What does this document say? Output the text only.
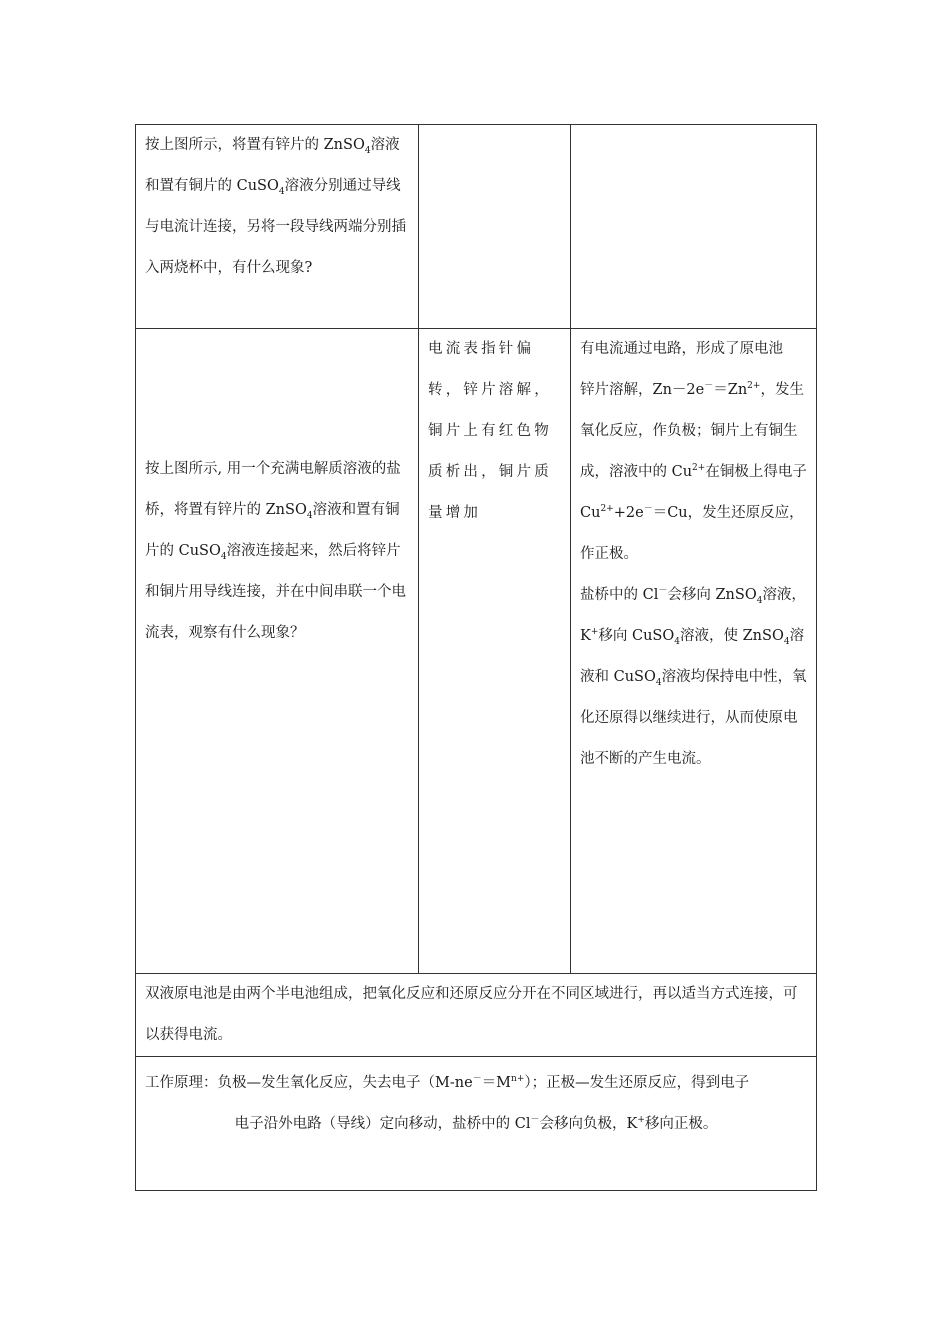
按上图所示，将置有锌片的 ZnSO$_4$溶液和置有铜片的 CuSO$_4$溶液分别通过导线与电流计连接，另将一段导线两端分别插入两烧杯中，有什么现象?		
按上图所示, 用一个充满电解质溶液的盐桥，将置有锌片的 ZnSO$_4$溶液和置有铜片的 CuSO$_4$溶液连接起来，然后将锌片和铜片用导线连接，并在中间串联一个电流表，观察有什么现象？	电流表指针偏转，锌片溶解，铜片上有红色物质析出，铜片质量增加	有电流通过电路，形成了原电池
锌片溶解，$Zn-2e^-=Zn^{2+}$，发生氧化反应，作负极；铜片上有铜生成，溶液中的 $Cu^{2+}$在铜极上得电子 $Cu^{2+}+2e^-=Cu$，发生还原反应，作正极。
盐桥中的 Cl－会移向 ZnSO$_4$溶液，K+移向 CuSO$_4$溶液，使 ZnSO$_4$溶液和 CuSO$_4$溶液均保持电中性，氧化还原得以继续进行，从而使原电池不断的产生电流。

双液原电池是由两个半电池组成，把氧化反应和还原反应分开在不同区域进行，再以适当方式连接，可以获得电流。		

工作原理：负极—发生氧化反应，失去电子$(M-ne^-=M^{n+})$；正极—发生还原反应，得到电子
电子沿外电路（导线）定向移动，盐桥中的 Cl－会移向负极，K+移向正极。		
